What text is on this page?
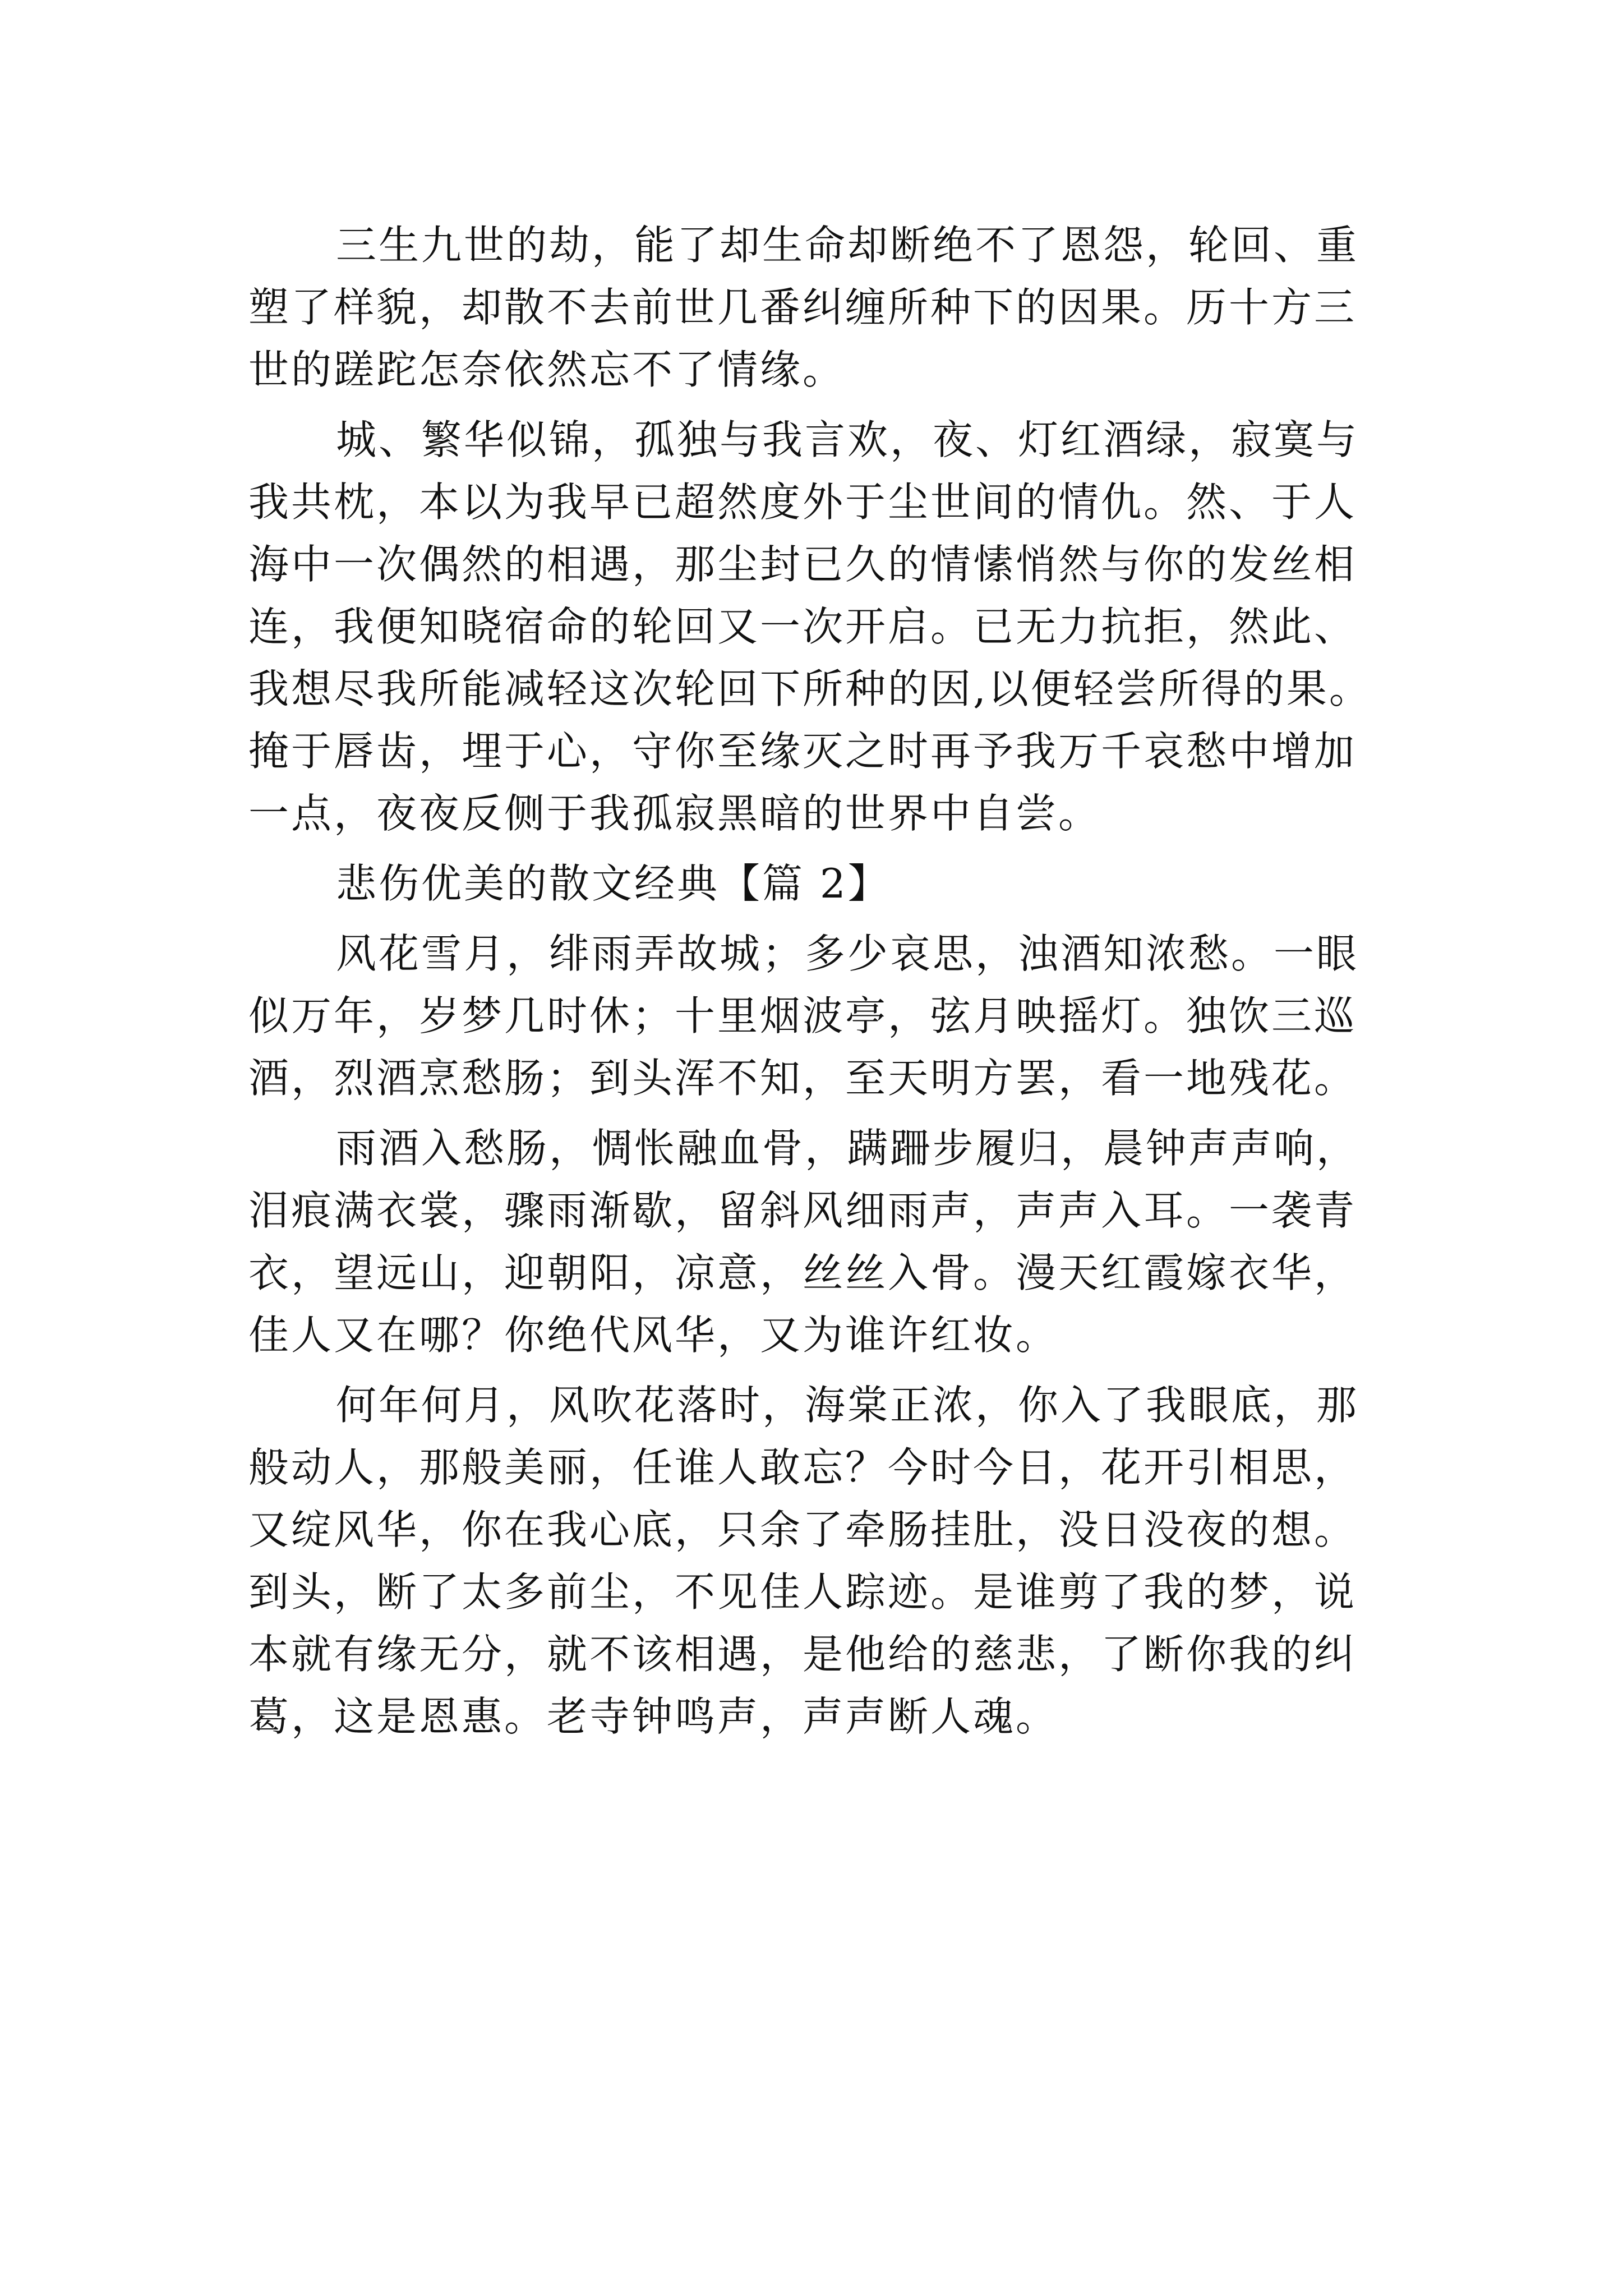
三生九世的劫，能了却生命却断绝不了恩怨，轮回、重
塑了样貌，却散不去前世几番纠缠所种下的因果。历十方三
世的蹉跎怎奈依然忘不了情缘。
城、繁华似锦，孤独与我言欢，夜、灯红酒绿，寂寞与
我共枕，本以为我早已超然度外于尘世间的情仇。然、于人
海中一次偶然的相遇，那尘封已久的情愫悄然与你的发丝相
连，我便知晓宿命的轮回又一次开启。已无力抗拒，然此、
我想尽我所能减轻这次轮回下所种的因,以便轻尝所得的果。
掩于唇齿，埋于心，守你至缘灭之时再予我万千哀愁中增加
一点，夜夜反侧于我孤寂黑暗的世界中自尝。
悲伤优美的散文经典【篇 2】
风花雪月，绯雨弄故城；多少哀思，浊酒知浓愁。一眼
似万年，岁梦几时休；十里烟波亭，弦月映摇灯。独饮三巡
酒，烈酒烹愁肠；到头浑不知，至天明方罢，看一地残花。
雨酒入愁肠，惆怅融血骨，蹒跚步履归，晨钟声声响，
泪痕满衣裳，骤雨渐歇，留斜风细雨声，声声入耳。一袭青
衣，望远山，迎朝阳，凉意，丝丝入骨。漫天红霞嫁衣华，
佳人又在哪？你绝代风华，又为谁许红妆。
何年何月，风吹花落时，海棠正浓，你入了我眼底，那
般动人，那般美丽，任谁人敢忘？今时今日，花开引相思，
又绽风华，你在我心底，只余了牵肠挂肚，没日没夜的想。
到头，断了太多前尘，不见佳人踪迹。是谁剪了我的梦，说
本就有缘无分，就不该相遇，是他给的慈悲，了断你我的纠
葛，这是恩惠。老寺钟鸣声，声声断人魂。
